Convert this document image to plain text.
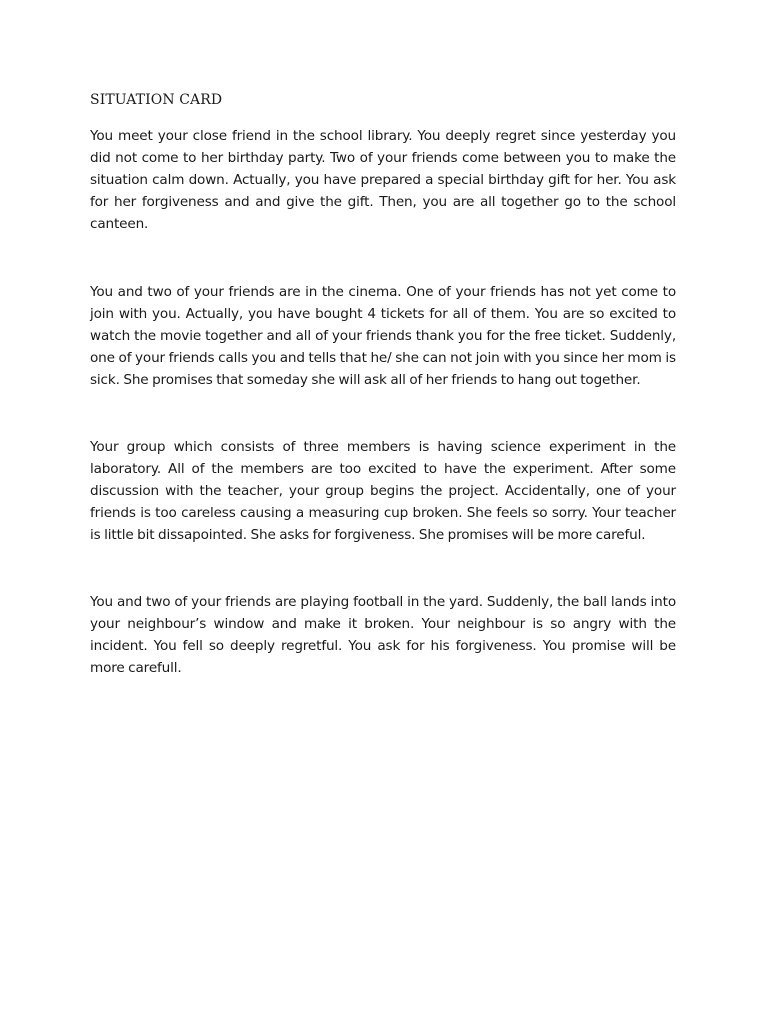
SITUATION CARD

You meet your close friend in the school library. You deeply regret since yesterday you did not come to her birthday party. Two of your friends come between you to make the situation calm down. Actually, you have prepared a special birthday gift for her. You ask for her forgiveness and and give the gift. Then, you are all together go to the school canteen.

You and two of your friends are in the cinema. One of your friends has not yet come to join with you. Actually, you have bought 4 tickets for all of them. You are so excited to watch the movie together and all of your friends thank you for the free ticket. Suddenly, one of your friends calls you and tells that he/ she can not join with you since her mom is sick. She promises that someday she will ask all of her friends to hang out together.

Your group which consists of three members is having science experiment in the laboratory. All of the members are too excited to have the experiment. After some discussion with the teacher, your group begins the project. Accidentally, one of your friends is too careless causing a measuring cup broken. She feels so sorry. Your teacher is little bit dissapointed. She asks for forgiveness. She promises will be more careful.

You and two of your friends are playing football in the yard. Suddenly, the ball lands into your neighbour’s window and make it broken. Your neighbour is so angry with the incident. You fell so deeply regretful. You ask for his forgiveness. You promise will be more carefull.
